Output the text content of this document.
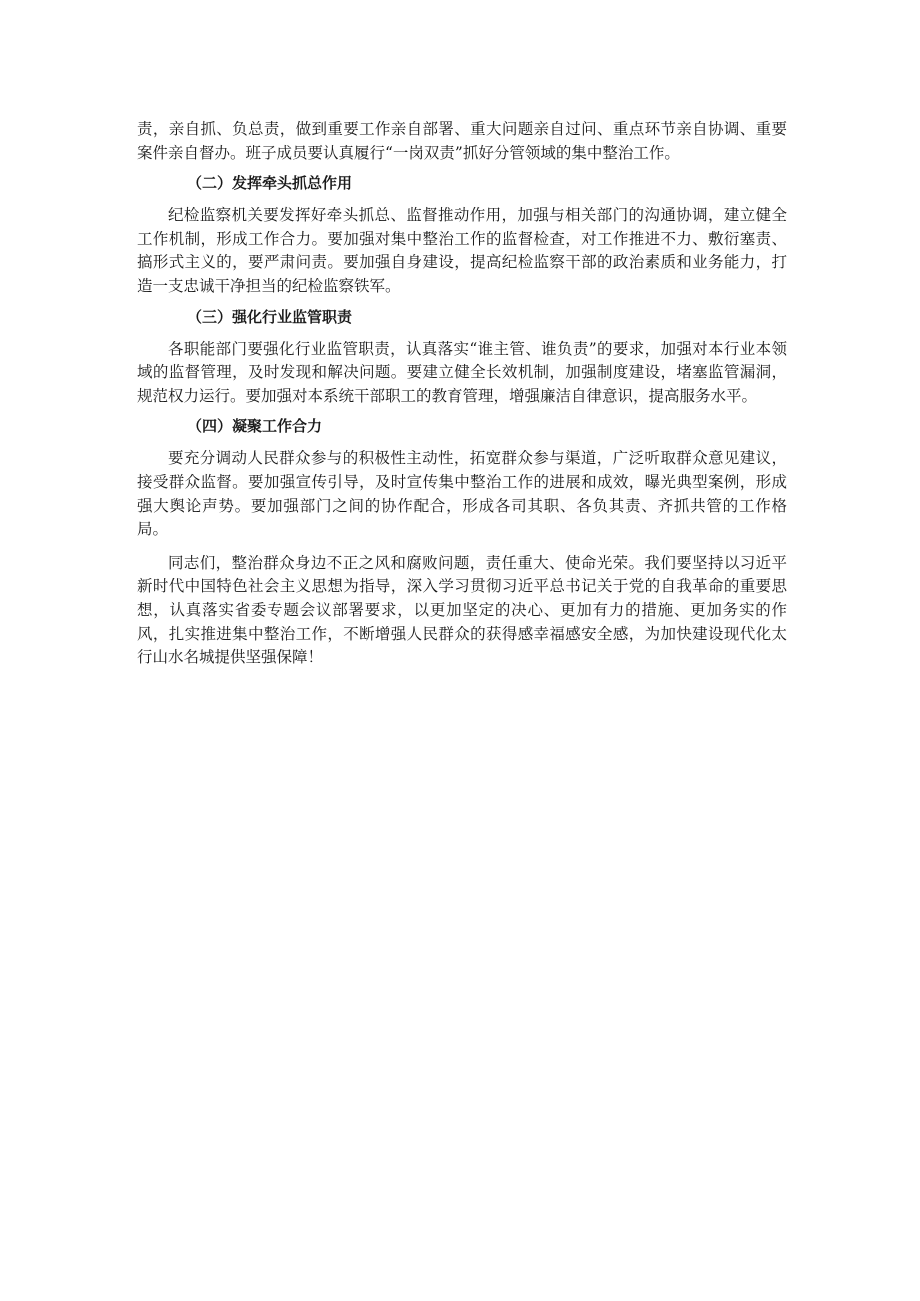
责，亲自抓、负总责，做到重要工作亲自部署、重大问题亲自过问、重点环节亲自协调、重要案件亲自督办。班子成员要认真履行“一岗双责”抓好分管领域的集中整治工作。

（二）发挥牵头抓总作用

纪检监察机关要发挥好牵头抓总、监督推动作用，加强与相关部门的沟通协调，建立健全工作机制，形成工作合力。要加强对集中整治工作的监督检查，对工作推进不力、敷衍塞责、搞形式主义的，要严肃问责。要加强自身建设，提高纪检监察干部的政治素质和业务能力，打造一支忠诚干净担当的纪检监察铁军。

（三）强化行业监管职责

各职能部门要强化行业监管职责，认真落实“谁主管、谁负责”的要求，加强对本行业本领域的监督管理，及时发现和解决问题。要建立健全长效机制，加强制度建设，堵塞监管漏洞，规范权力运行。要加强对本系统干部职工的教育管理，增强廉洁自律意识，提高服务水平。

（四）凝聚工作合力

要充分调动人民群众参与的积极性主动性，拓宽群众参与渠道，广泛听取群众意见建议，接受群众监督。要加强宣传引导，及时宣传集中整治工作的进展和成效，曝光典型案例，形成强大舆论声势。要加强部门之间的协作配合，形成各司其职、各负其责、齐抓共管的工作格局。

同志们，整治群众身边不正之风和腐败问题，责任重大、使命光荣。我们要坚持以习近平新时代中国特色社会主义思想为指导，深入学习贯彻习近平总书记关于党的自我革命的重要思想，认真落实省委专题会议部署要求，以更加坚定的决心、更加有力的措施、更加务实的作风，扎实推进集中整治工作，不断增强人民群众的获得感幸福感安全感，为加快建设现代化太行山水名城提供坚强保障！
